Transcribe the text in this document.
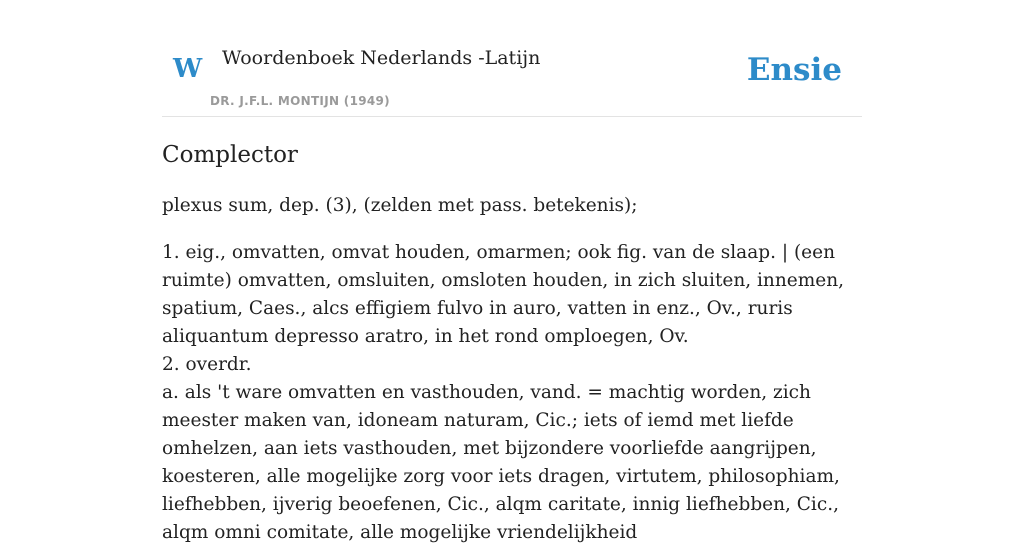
W Woordenboek Nederlands -Latijn
DR. J.F.L. MONTIJN (1949)
Ensie
Complector

plexus sum, dep. (3), (zelden met pass. betekenis);

1. eig., omvatten, omvat houden, omarmen; ook fig. van de slaap. | (een ruimte) omvatten, omsluiten, omsloten houden, in zich sluiten, innemen, spatium, Caes., alcs effigiem fulvo in auro, vatten in enz., Ov., ruris aliquantum depresso aratro, in het rond omploegen, Ov.

2. overdr.

a. als 't ware omvatten en vasthouden, vand. = machtig worden, zich meester maken van, idoneam naturam, Cic.; iets of iemd met liefde omhelzen, aan iets vasthouden, met bijzondere voorliefde aangrijpen, koesteren, alle mogelijke zorg voor iets dragen, virtutem, philosophiam, liefhebben, ijverig beoefenen, Cic., alqm caritate, innig liefhebben, Cic., alqm omni comitate, alle mogelijke vriendelijkheid
